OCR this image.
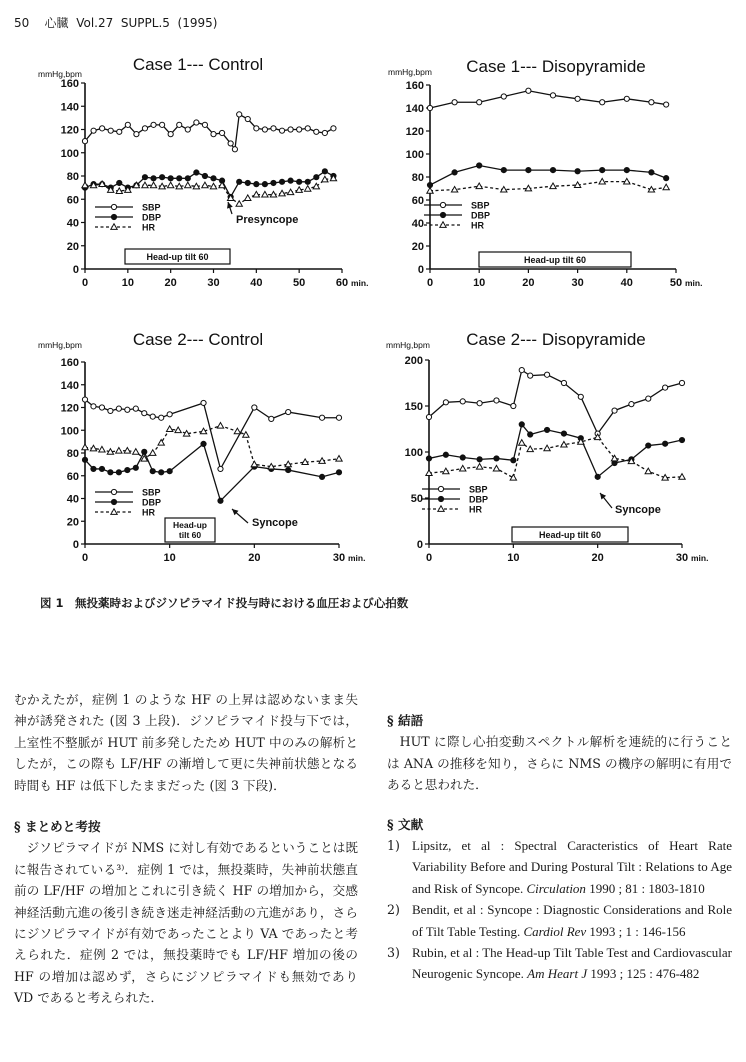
50 心臓 Vol.27 SUPPL.5 (1995)
Case 1--- Control
mmHg,bpm
0
20
40
60
80
100
120
140
160
0	10	20	30	40	50	60 min.
SBP
DBP
HR
Head-up tilt 60
Presyncope
Case 1--- Disopyramide
mmHg,bpm
0
20
40
60
80
100
120
140
160
0	10	20	30	40	50 min.
SBP
DBP
HR
Head-up tilt 60
Case 2--- Control
mmHg,bpm
0
20
40
60
80
100
120
140
160
0	10	20	30 min.
SBP
DBP
HR
Head-up
tilt 60
Syncope
Case 2--- Disopyramide
mmHg,bpm
0
50
100
150
200
0	10	20	30 min.
SBP
DBP
HR
Head-up tilt 60
Syncope
図 1　無投薬時およびジソピラマイド投与時における血圧および心拍数

むかえたが，症例 1 のような HF の上昇は認めないまま失神が誘発された (図 3 上段)．ジソピラマイド投与下では，上室性不整脈が HUT 前多発したため HUT 中のみの解析としたが，この際も LF/HF の漸増して更に失神前状態となる時間も HF は低下したままだった (図 3 下段)．

§ まとめと考按

ジソピラマイドが NMS に対し有効であるということは既に報告されている³⁾．症例 1 では，無投薬時，失神前状態直前の LF/HF の増加とこれに引き続く HF の増加から，交感神経活動亢進の後引き続き迷走神経活動の亢進があり，さらにジソピラマイドが有効であったことより VA であったと考えられた．症例 2 では，無投薬時でも LF/HF 増加の後の HF の増加は認めず，さらにジソピラマイドも無効であり VD であると考えられた．

§ 結語

HUT に際し心拍変動スペクトル解析を連続的に行うことは ANA の推移を知り，さらに NMS の機序の解明に有用であると思われた．

§ 文献

1) Lipsitz, et al : Spectral Caracteristics of Heart Rate Variability Before and During Postural Tilt : Relations to Age and Risk of Syncope. Circulation 1990 ; 81 : 1803-1810
2) Bendit, et al : Syncope : Diagnostic Considerations and Role of Tilt Table Testing. Cardiol Rev 1993 ; 1 : 146-156
3) Rubin, et al : The Head-up Tilt Table Test and Cardiovascular Neurogenic Syncope. Am Heart J 1993 ; 125 : 476-482
